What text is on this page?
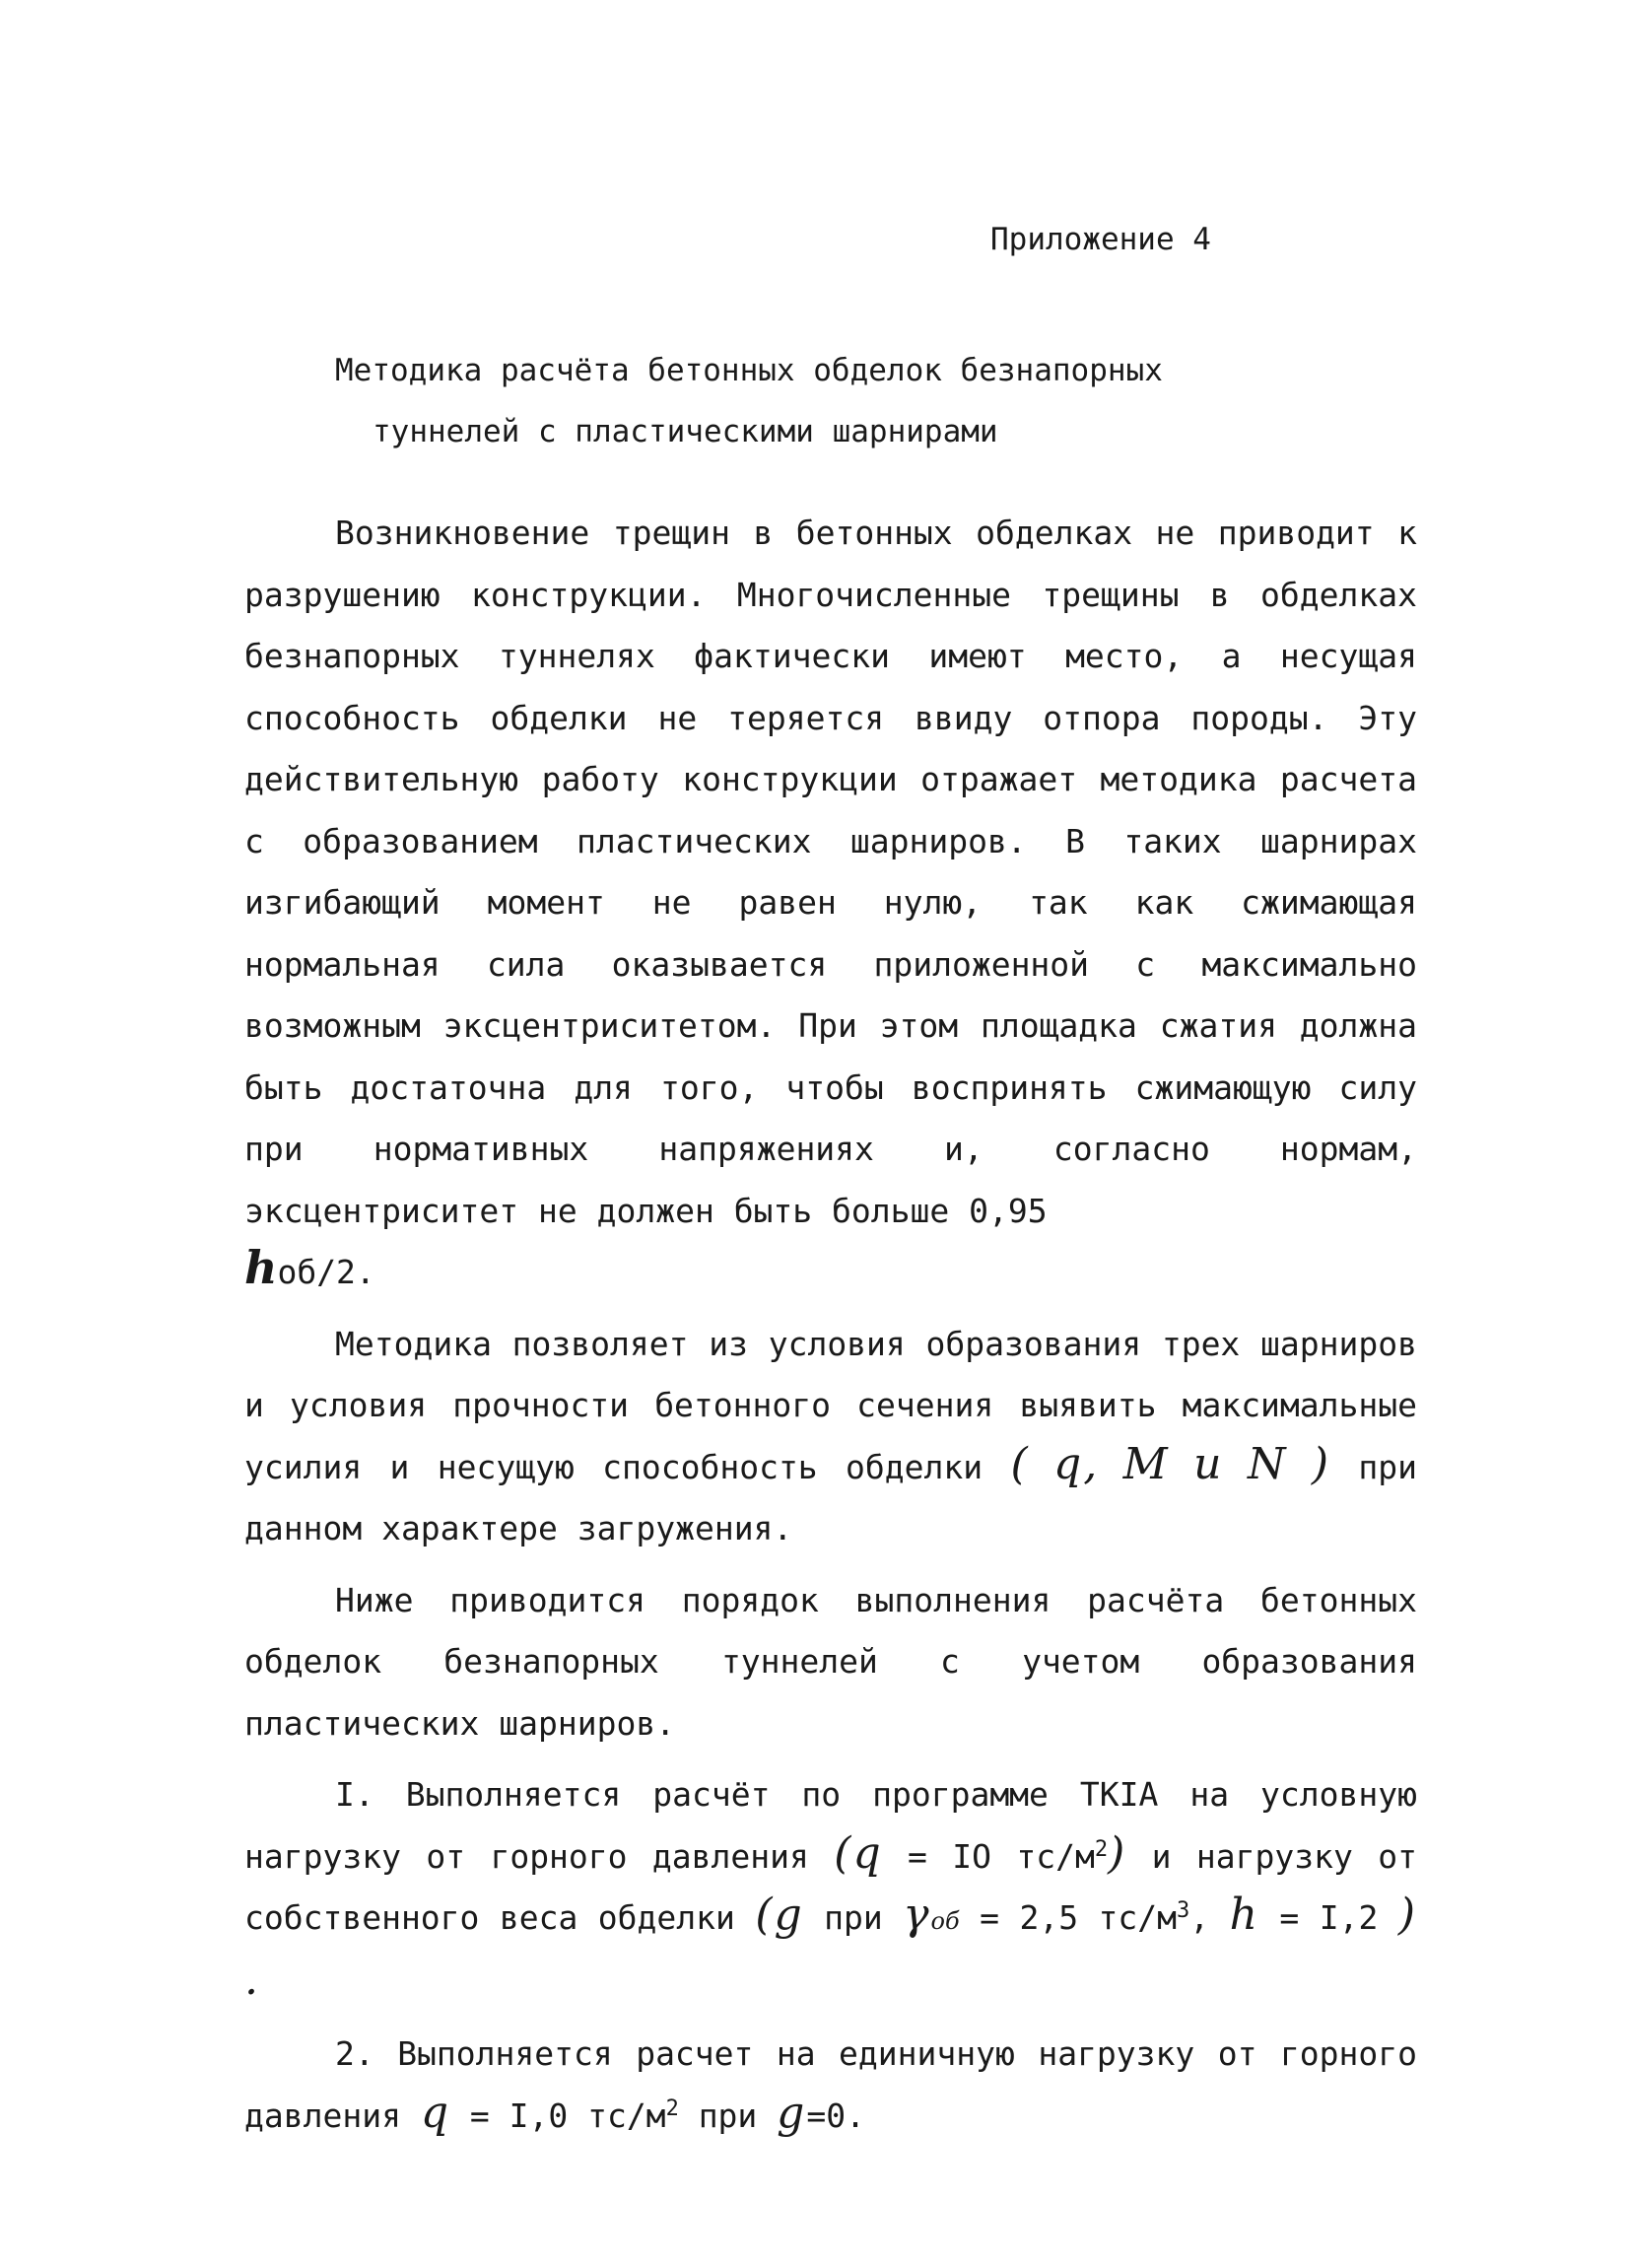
Приложение 4
Методика расчёта бетонных обделок безнапорных
туннелей с пластическими шарнирами

Возникновение трещин в бетонных обделках не приводит к разрушению конструкции. Многочисленные трещины в обделках безнапорных туннелях фактически имеют место, а несущая способность обделки не теряется ввиду отпора породы. Эту действительную работу конструкции отражает методика расчета с образованием пластических шарниров. В таких шарнирах изгибающий момент не равен нулю, так как сжимающая нормальная сила оказывается приложенной с максимально возможным эксцентриситетом. При этом площадка сжатия должна быть достаточна для того, чтобы воспринять сжимающую силу при нормативных напряжениях и, согласно нормам, эксцентриситет не должен быть больше 0,95
hоб/2.

Методика позволяет из условия образования трех шарниров и условия прочности бетонного сечения выявить максимальные усилия и несущую способность обделки ( q, M и N ) при данном характере загружения.

Ниже приводится порядок выполнения расчёта бетонных обделок безнапорных туннелей с учетом образования пластических шарниров.

I. Выполняется расчёт по программе ТКIА на условную нагрузку от горного давления (q = IO $тс/м^2$) и нагрузку от собственного веса обделки (g при γоб = 2,5 $тс/м^3$, h = I,2 ) .

2. Выполняется расчет на единичную нагрузку от горного давления q = I,0 $тс/м^2$ при g=0.
